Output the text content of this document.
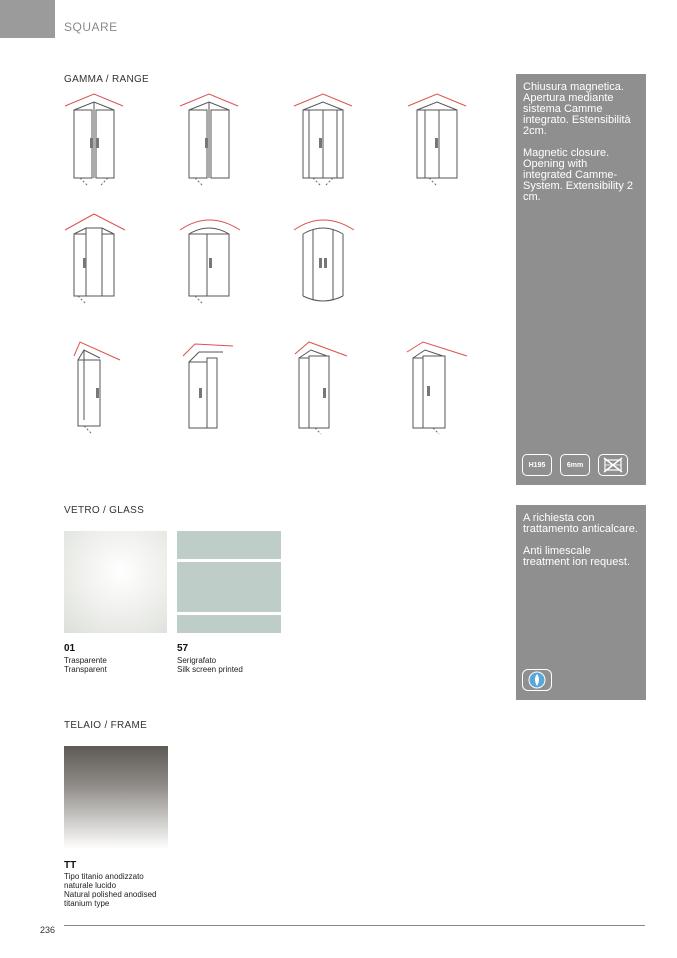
SQUARE
GAMMA / RANGE

Chiusura magnetica. Apertura mediante sistema Camme integrato. Estensibilità 2cm.

Magnetic closure. Opening with integrated Camme-System. Extensibility 2 cm.

H195	6mm
VETRO / GLASS

A richiesta con trattamento anticalcare.

Anti limescale treatment ion request.

01
Trasparente
Transparent
57
Serigrafato
Silk screen printed
TELAIO / FRAME
TT
Tipo titanio anodizzato
naturale lucido
Natural polished anodised
titanium type
236
